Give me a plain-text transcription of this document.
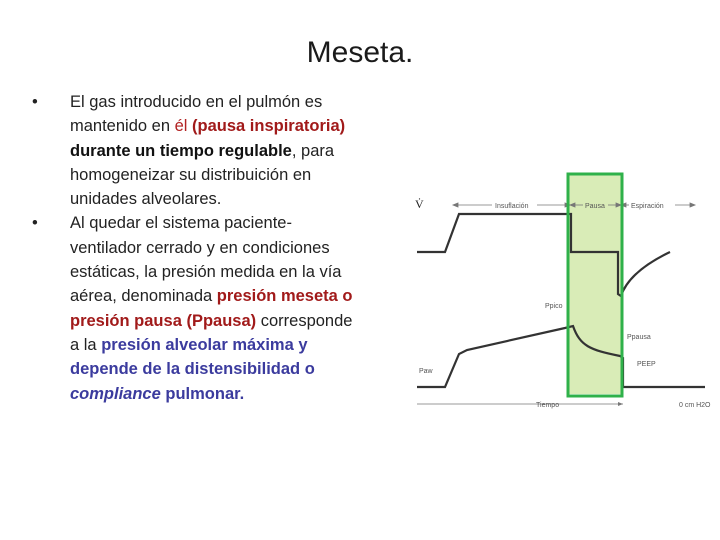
Meseta.

• El gas introducido en el pulmón es mantenido en él (pausa inspiratoria) durante un tiempo regulable, para homogeneizar su distribuición en unidades alveolares.

• Al quedar el sistema paciente-ventilador cerrado y en condiciones estáticas, la presión medida en la vía aérea, denominada presión meseta o presión pausa (Ppausa) corresponde a la presión alveolar máxima y depende de la distensibilidad o compliance pulmonar.

V̇	Insuflación	Pausa	Espiración
Tiempo	0 cm H2O
Ppico
Ppausa
PEEP
Paw
